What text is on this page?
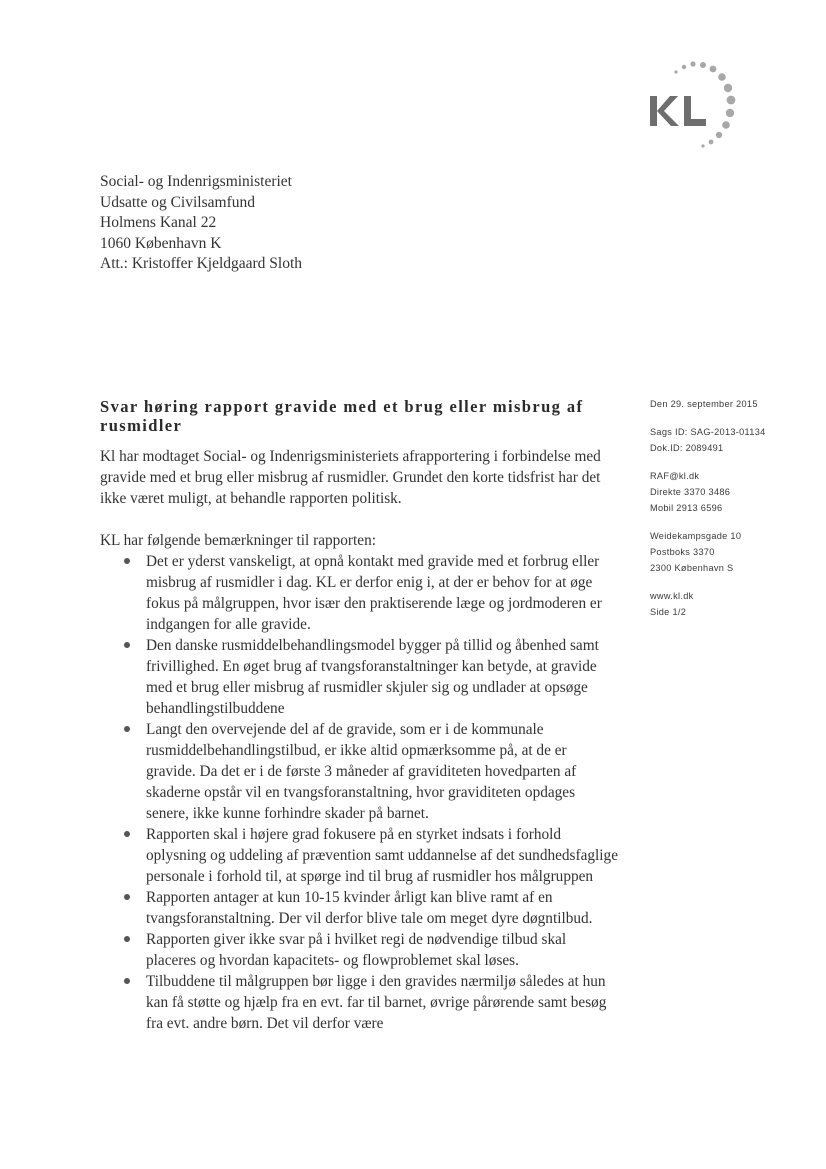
Social- og Indenrigsministeriet
Udsatte og Civilsamfund
Holmens Kanal 22
1060 København K
Att.: Kristoffer Kjeldgaard Sloth
Svar høring rapport gravide med et brug eller misbrug af rusmidler
Den 29. september 2015
Sags ID: SAG-2013-01134
Dok.ID: 2089491
RAF@kl.dk
Direkte 3370 3486
Mobil 2913 6596
Weidekampsgade 10
Postboks 3370
2300 København S
www.kl.dk
Side 1/2

Kl har modtaget Social- og Indenrigsministeriets afrapportering i forbindelse med gravide med et brug eller misbrug af rusmidler. Grundet den korte tidsfrist har det ikke været muligt, at behandle rapporten politisk.

KL har følgende bemærkninger til rapporten:

Det er yderst vanskeligt, at opnå kontakt med gravide med et forbrug eller misbrug af rusmidler i dag. KL er derfor enig i, at der er behov for at øge fokus på målgruppen, hvor især den praktiserende læge og jordmoderen er indgangen for alle gravide.
Den danske rusmiddelbehandlingsmodel bygger på tillid og åbenhed samt frivillighed. En øget brug af tvangsforanstaltninger kan betyde, at gravide med et brug eller misbrug af rusmidler skjuler sig og undlader at opsøge behandlingstilbuddene
Langt den overvejende del af de gravide, som er i de kommunale rusmiddelbehandlingstilbud, er ikke altid opmærksomme på, at de er gravide. Da det er i de første 3 måneder af graviditeten hovedparten af skaderne opstår vil en tvangsforanstaltning, hvor graviditeten opdages senere, ikke kunne forhindre skader på barnet.
Rapporten skal i højere grad fokusere på en styrket indsats i forhold oplysning og uddeling af prævention samt uddannelse af det sundhedsfaglige personale i forhold til, at spørge ind til brug af rusmidler hos målgruppen
Rapporten antager at kun 10-15 kvinder årligt kan blive ramt af en tvangsforanstaltning. Der vil derfor blive tale om meget dyre døgntilbud.
Rapporten giver ikke svar på i hvilket regi de nødvendige tilbud skal placeres og hvordan kapacitets- og flowproblemet skal løses.
Tilbuddene til målgruppen bør ligge i den gravides nærmiljø således at hun kan få støtte og hjælp fra en evt. far til barnet, øvrige pårørende samt besøg fra evt. andre børn. Det vil derfor være
